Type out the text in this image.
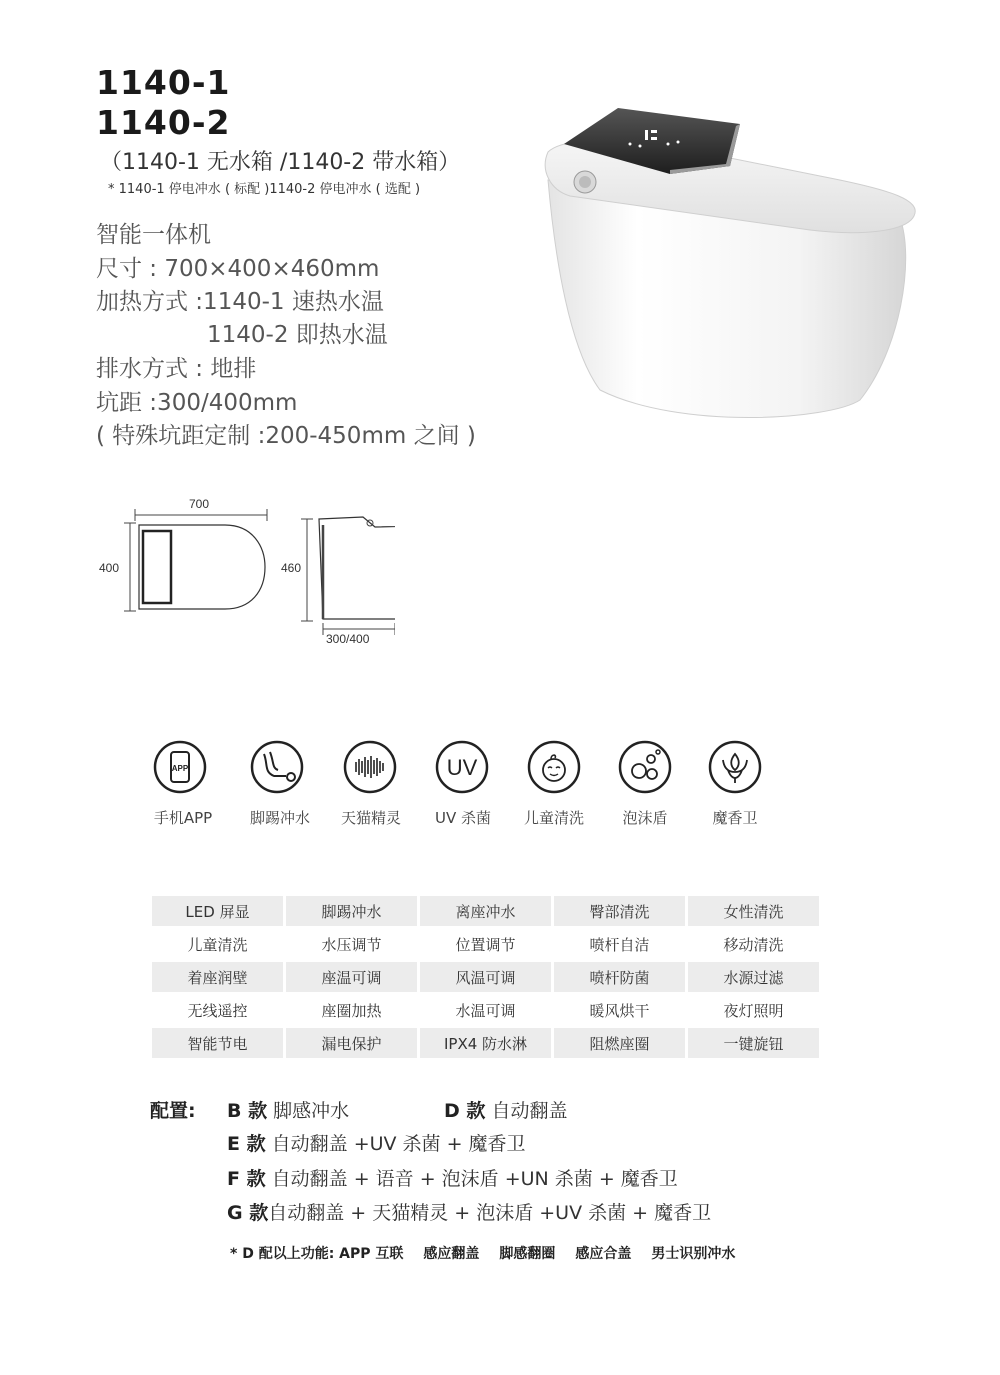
1140-1
1140-2
（1140-1 无水箱 /1140-2 带水箱）
* 1140-1 停电冲水 ( 标配 )1140-2 停电冲水 ( 选配 )
智能一体机
尺寸 : 700×400×460mm
加热方式 :1140-1 速热水温
1140-2 即热水温
排水方式 : 地排
坑距 :300/400mm
( 特殊坑距定制 :200-450mm 之间 )
700
400	460
300/400
APP	UV
手机APP	脚踢冲水	天猫精灵	UV 杀菌	儿童清洗	泡沫盾	魔香卫
LED 屏显	脚踢冲水	离座冲水	臀部清洗	女性清洗
儿童清洗	水压调节	位置调节	喷杆自洁	移动清洗
着座润壁	座温可调	风温可调	喷杆防菌	水源过滤
无线遥控	座圈加热	水温可调	暖风烘干	夜灯照明
智能节电	漏电保护	IPX4 防水淋	阻燃座圈	一键旋钮
配置: B 款 脚感冲水	D 款 自动翻盖
E 款 自动翻盖 +UV 杀菌 + 魔香卫
F 款 自动翻盖 + 语音 + 泡沫盾 +UN 杀菌 + 魔香卫
G 款自动翻盖 + 天猫精灵 + 泡沫盾 +UV 杀菌 + 魔香卫
* D 配以上功能: APP 互联 感应翻盖 脚感翻圈 感应合盖 男士识别冲水
